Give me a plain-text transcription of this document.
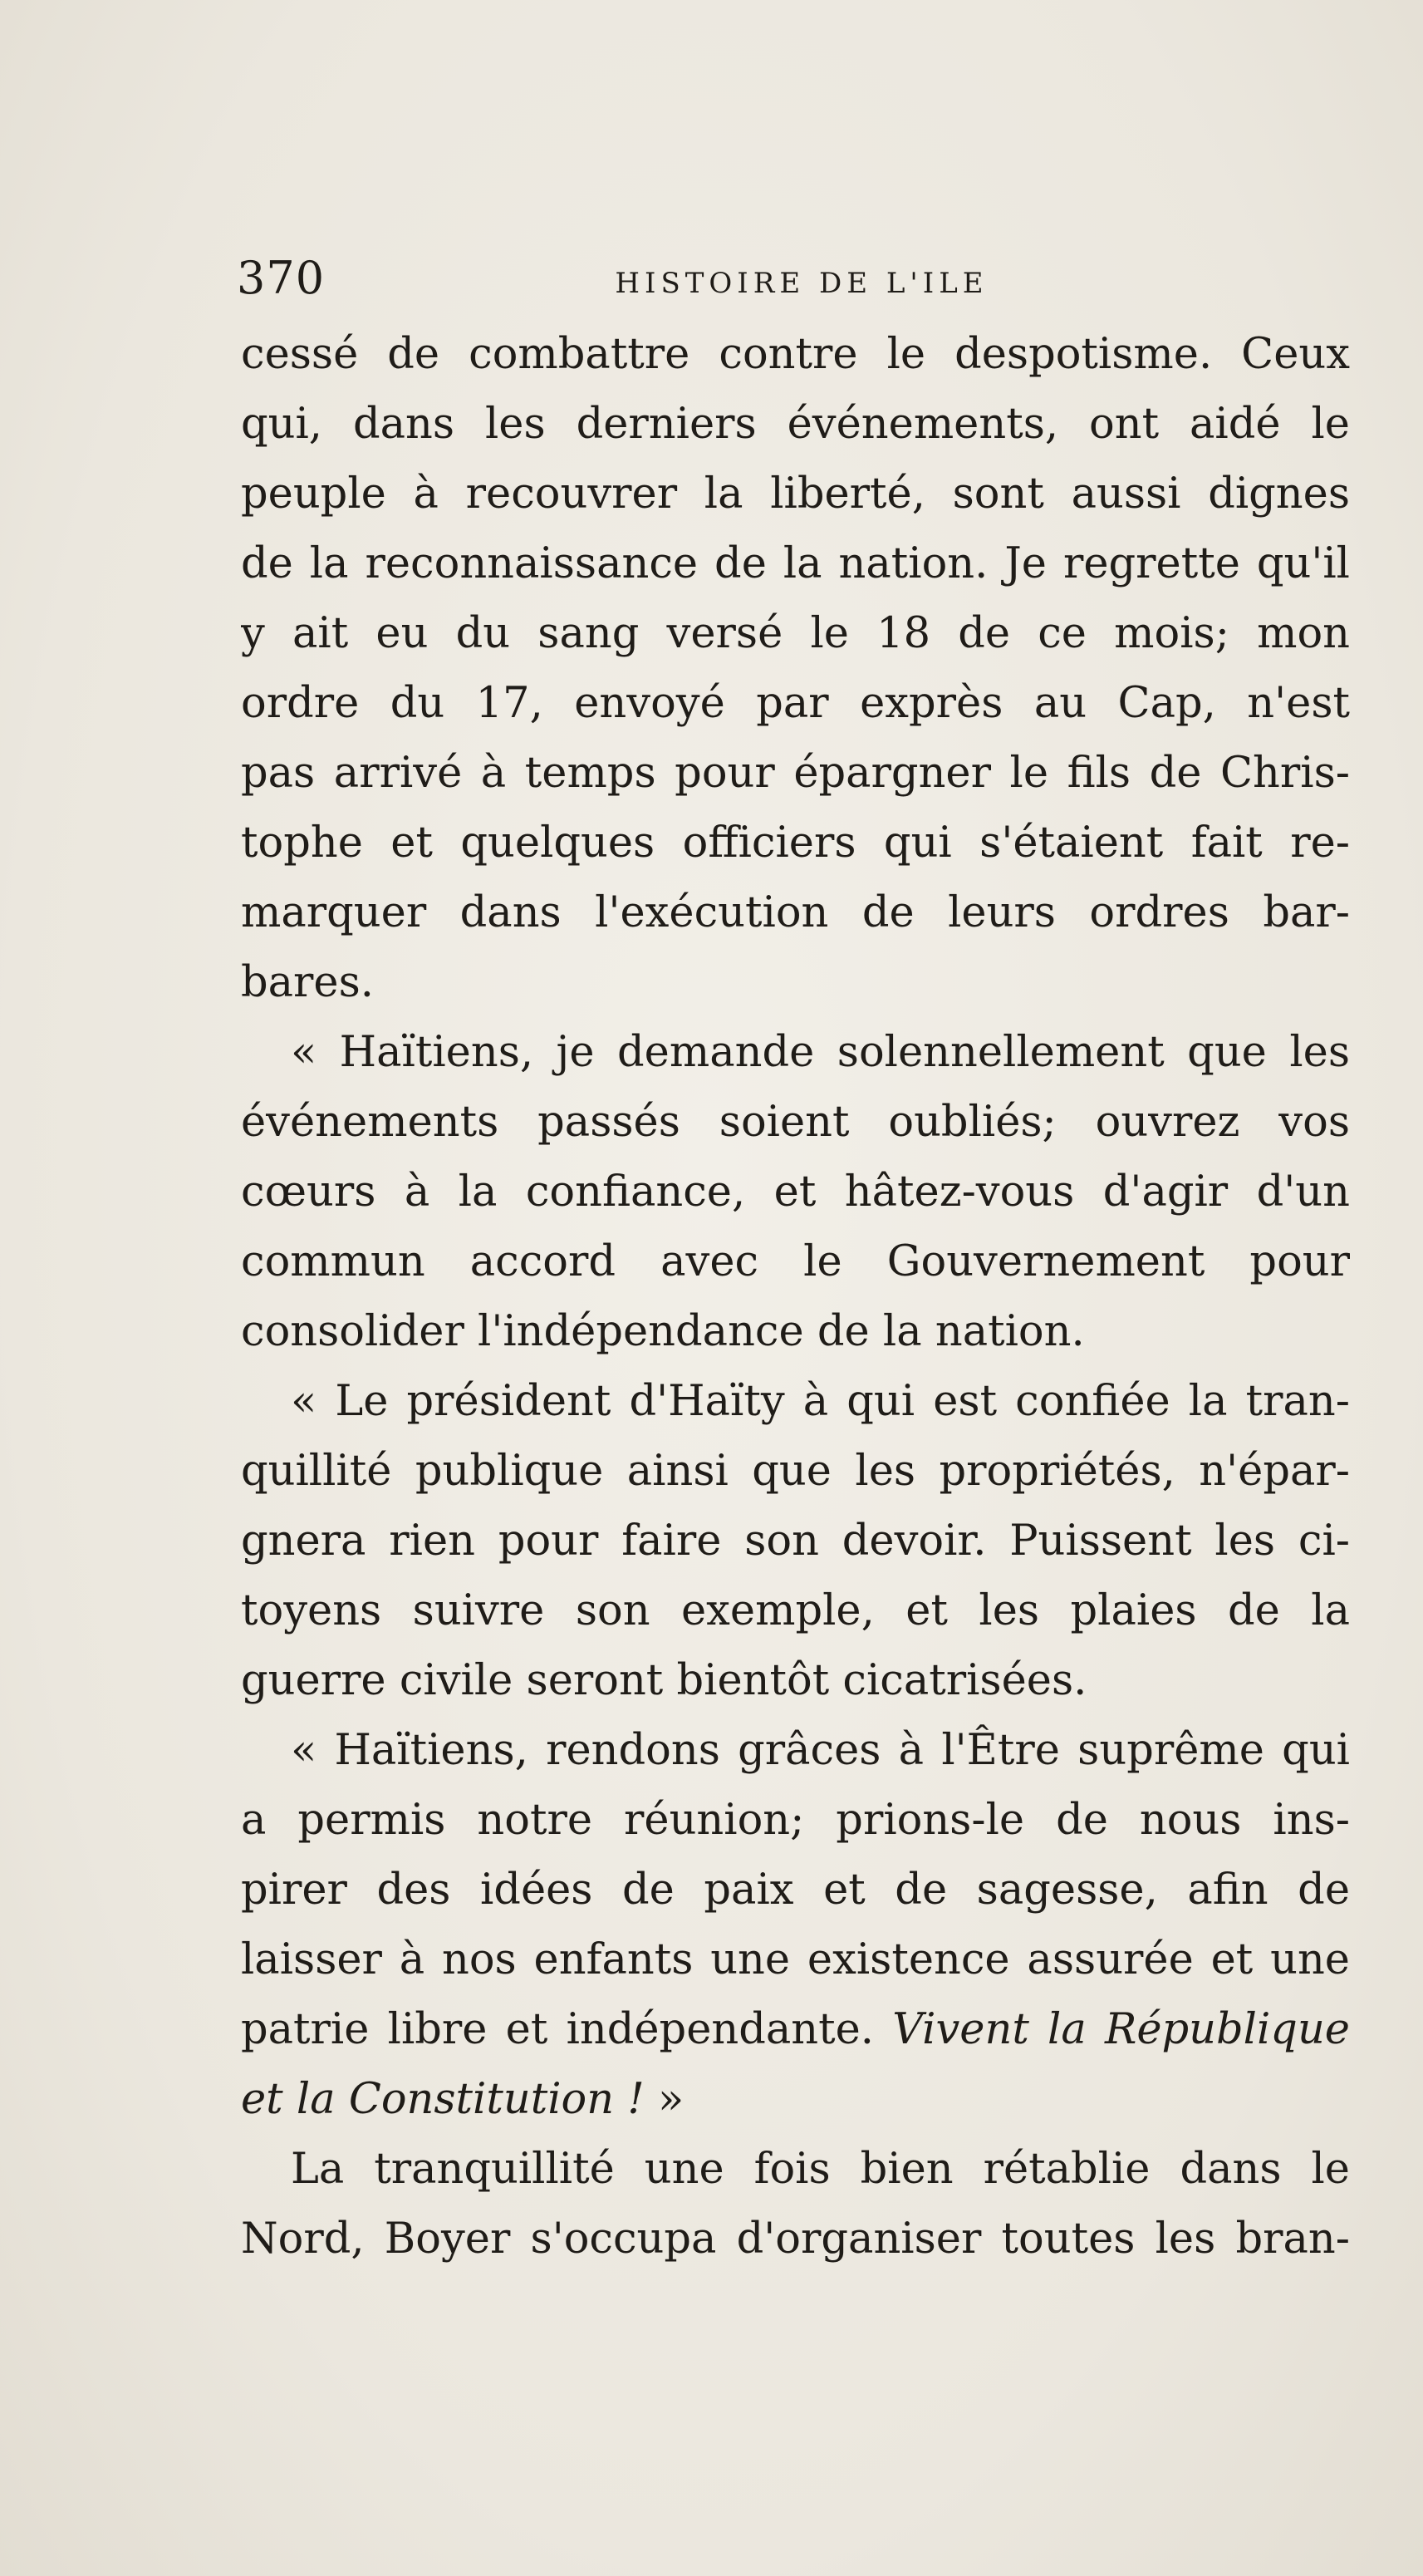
370	HISTOIRE DE L'ILE
cessé de combattre contre le despotisme. Ceux
qui, dans les derniers événements, ont aidé le
peuple à recouvrer la liberté, sont aussi dignes
de la reconnaissance de la nation. Je regrette qu'il
y ait eu du sang versé le 18 de ce mois; mon
ordre du 17, envoyé par exprès au Cap, n'est
pas arrivé à temps pour épargner le fils de Chris-
tophe et quelques officiers qui s'étaient fait re-
marquer dans l'exécution de leurs ordres bar-
bares.
« Haïtiens, je demande solennellement que les
événements passés soient oubliés; ouvrez vos
cœurs à la confiance, et hâtez-vous d'agir d'un
commun accord avec le Gouvernement pour
consolider l'indépendance de la nation.
« Le président d'Haïty à qui est confiée la tran-
quillité publique ainsi que les propriétés, n'épar-
gnera rien pour faire son devoir. Puissent les ci-
toyens suivre son exemple, et les plaies de la
guerre civile seront bientôt cicatrisées.
« Haïtiens, rendons grâces à l'Être suprême qui
a permis notre réunion; prions-le de nous ins-
pirer des idées de paix et de sagesse, afin de
laisser à nos enfants une existence assurée et une
patrie libre et indépendante. Vivent la République
et la Constitution ! »
La tranquillité une fois bien rétablie dans le
Nord, Boyer s'occupa d'organiser toutes les bran-
